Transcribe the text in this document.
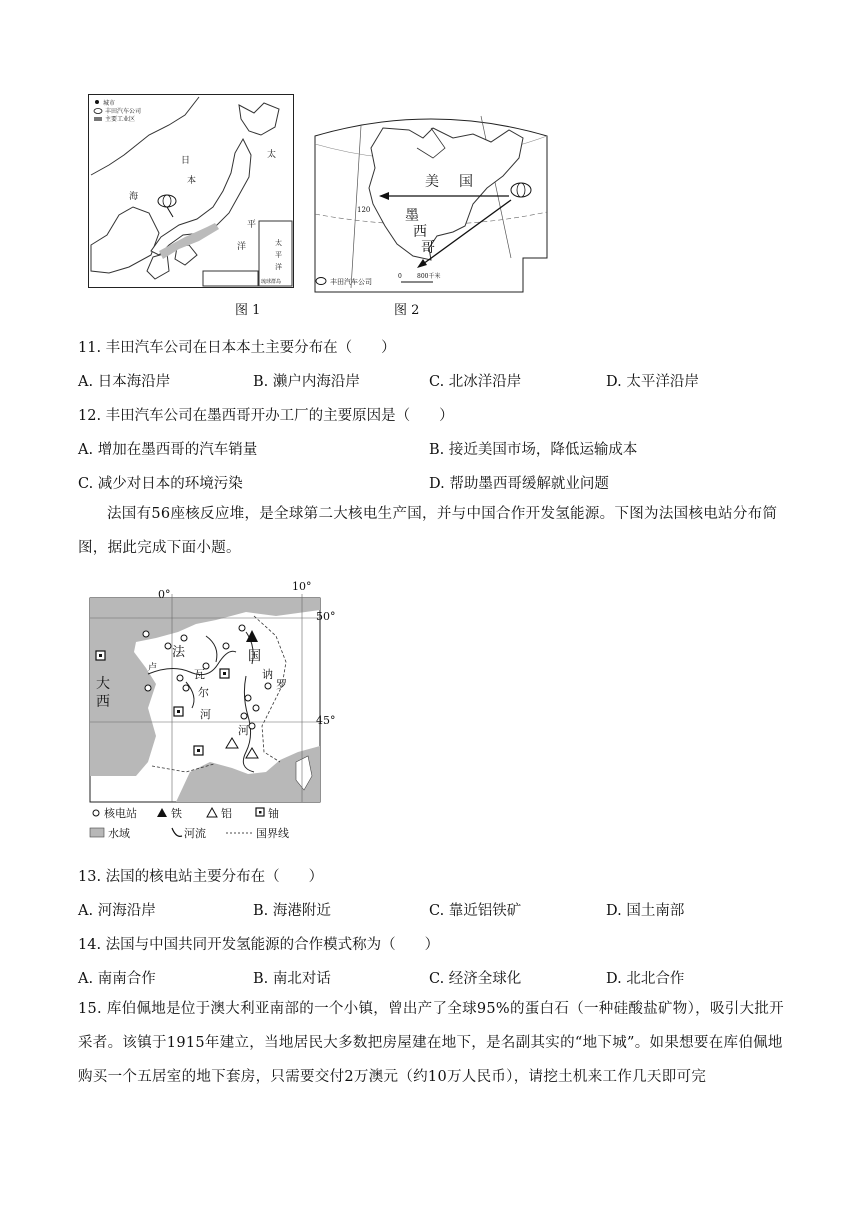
城市
丰田汽车公司
主要工业区
日
本
海
太
平
洋	太
平
洋
琉球群岛
图 1
美 国
墨
西
哥
120
丰田汽车公司
0	800千米
图 2
11. 丰田汽车公司在日本本土主要分布在（　　）
A. 日本海沿岸	B. 濑户内海沿岸	C. 北冰洋沿岸	D. 太平洋沿岸
12. 丰田汽车公司在墨西哥开办工厂的主要原因是（　　）
A. 增加在墨西哥的汽车销量	B. 接近美国市场，降低运输成本
C. 减少对日本的环境污染	D. 帮助墨西哥缓解就业问题
法国有56座核反应堆，是全球第二大核电生产国，并与中国合作开发氢能源。下图为法国核电站分布简图，据此完成下面小题。
0°
10°
50°
45°
大
西
法	国
卢	瓦
尔
河
罗
讷
河
核电站	铁	铝	铀
水域	河流	国界线
13. 法国的核电站主要分布在（　　）
A. 河海沿岸	B. 海港附近	C. 靠近铝铁矿	D. 国土南部
14. 法国与中国共同开发氢能源的合作模式称为（　　）
A. 南南合作	B. 南北对话	C. 经济全球化	D. 北北合作
15. 库伯佩地是位于澳大利亚南部的一个小镇，曾出产了全球95%的蛋白石（一种硅酸盐矿物），吸引大批开采者。该镇于1915年建立，当地居民大多数把房屋建在地下，是名副其实的“地下城”。如果想要在库伯佩地购买一个五居室的地下套房，只需要交付2万澳元（约10万人民币），请挖土机来工作几天即可完
